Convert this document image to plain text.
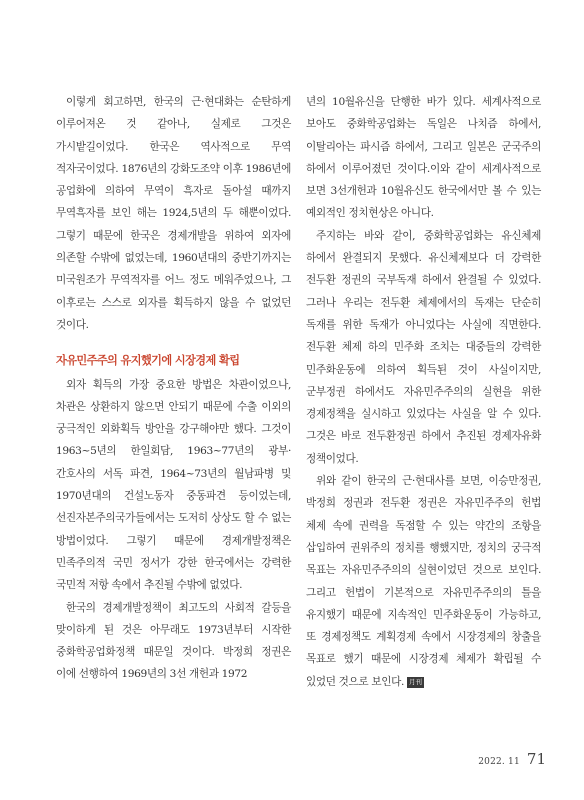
이렇게 회고하면, 한국의 근·현대화는 순탄하게 이루어져온 것 같아나, 실제로 그것은 가시밭길이었다. 한국은 역사적으로 무역 적자국이었다. 1876년의 강화도조약 이후 1986년에 공업화에 의하여 무역이 흑자로 돌아설 때까지 무역흑자를 보인 해는 1924,5년의 두 해뿐이었다. 그렇기 때문에 한국은 경제개발을 위하여 외자에 의존할 수밖에 없었는데, 1960년대의 중반기까지는 미국원조가 무역적자를 어느 정도 메워주었으나, 그 이후로는 스스로 외자를 획득하지 않을 수 없었던 것이다.

자유민주주의 유지했기에 시장경제 확립

외자 획득의 가장 중요한 방법은 차관이었으나, 차관은 상환하지 않으면 안되기 때문에 수출 이외의 궁극적인 외화획득 방안을 강구해야만 했다. 그것이 1963~5년의 한일회담, 1963~77년의 광부·간호사의 서독 파견, 1964~73년의 월남파병 및 1970년대의 건설노동자 중동파견 등이었는데, 선진자본주의국가들에서는 도저히 상상도 할 수 없는 방법이었다. 그렇기 때문에 경제개발정책은 민족주의적 국민 정서가 강한 한국에서는 강력한 국민적 저항 속에서 추진될 수밖에 없었다.

한국의 경제개발정책이 최고도의 사회적 갈등을 맞이하게 된 것은 아무래도 1973년부터 시작한 중화학공업화정책 때문일 것이다. 박정희 정권은 이에 선행하여 1969년의 3선 개헌과 1972

년의 10월유신을 단행한 바가 있다. 세계사적으로 보아도 중화학공업화는 독일은 나치즘 하에서,이탈리아는 파시즘 하에서, 그리고 일본은 군국주의 하에서 이루어졌던 것이다.이와 같이 세계사적으로 보면 3선개헌과 10월유신도 한국에서만 볼 수 있는 예외적인 정치현상은 아니다.

주지하는 바와 같이, 중화학공업화는 유신체제 하에서 완결되지 못했다. 유신체제보다 더 강력한 전두환 정권의 국부독재 하에서 완결될 수 있었다. 그러나 우리는 전두환 체제에서의 독재는 단순히 독재를 위한 독재가 아니었다는 사실에 직면한다. 전두환 체제 하의 민주화 조치는 대중들의 강력한 민주화운동에 의하여 획득된 것이 사실이지만, 군부정권 하에서도 자유민주주의의 실현을 위한 경제정책을 실시하고 있었다는 사실을 알 수 있다. 그것은 바로 전두환정권 하에서 추진된 경제자유화 정책이었다.

위와 같이 한국의 근·현대사를 보면, 이승만정권, 박정희 정권과 전두환 정권은 자유민주주의 헌법 체제 속에 권력을 독점할 수 있는 약간의 조항을 삽입하여 권위주의 정치를 행했지만, 정치의 궁극적 목표는 자유민주주의의 실현이었던 것으로 보인다. 그리고 헌법이 기본적으로 자유민주주의의 틀을 유지했기 때문에 지속적인 민주화운동이 가능하고, 또 경제정책도 계획경제 속에서 시장경제의 창출을 목표로 했기 때문에 시장경제 체제가 확립될 수 있었던 것으로 보인다. 月刊

2022. 11 71
